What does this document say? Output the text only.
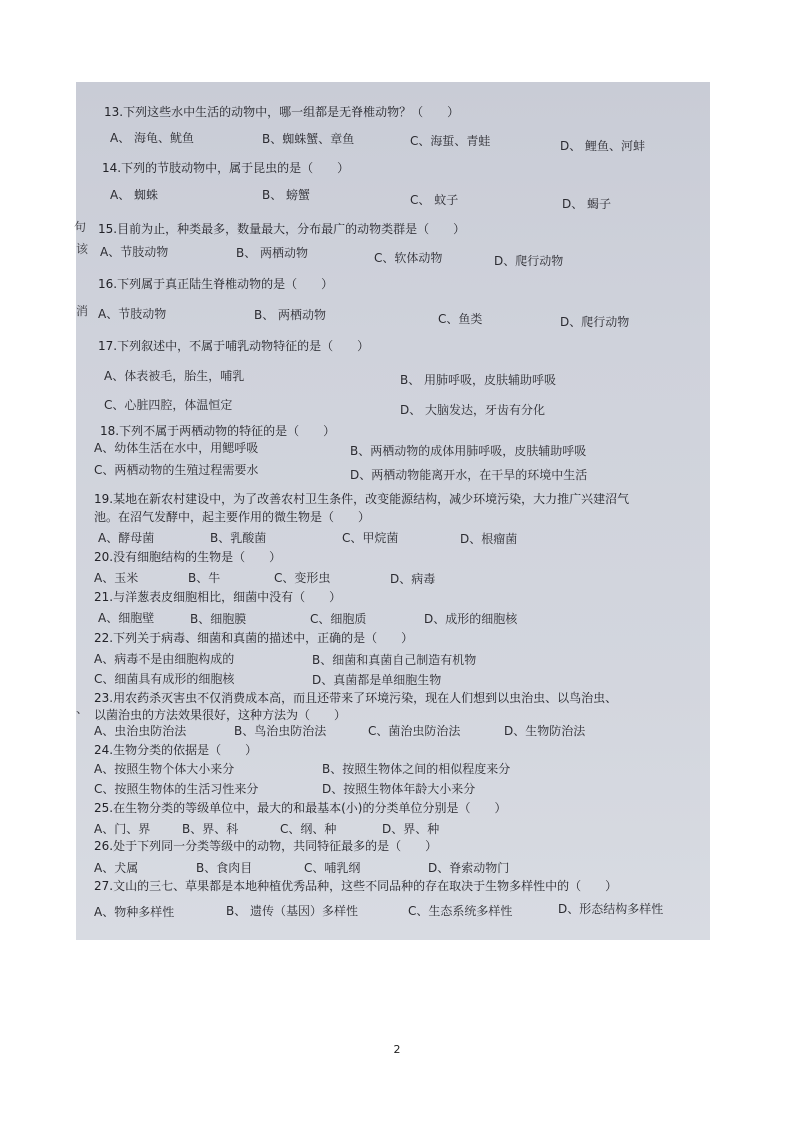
13.下列这些水中生活的动物中，哪一组都是无脊椎动物？（　　）
A、 海龟、鱿鱼	B、蜘蛛蟹、章鱼	C、海蜇、青蛙	D、 鲤鱼、河蚌
14.下列的节肢动物中，属于昆虫的是（　　）
A、 蜘蛛	B、 螃蟹	C、 蚊子	D、 蝎子
15.目前为止，种类最多，数量最大，分布最广的动物类群是（　　）
A、节肢动物	B、 两栖动物	C、软体动物	D、爬行动物
16.下列属于真正陆生脊椎动物的是（　　）
A、节肢动物	B、 两栖动物	C、鱼类	D、爬行动物
17.下列叙述中，不属于哺乳动物特征的是（　　）
A、体表被毛，胎生，哺乳	B、 用肺呼吸，皮肤辅助呼吸
C、心脏四腔，体温恒定	D、 大脑发达，牙齿有分化
18.下列不属于两栖动物的特征的是（　　）
A、幼体生活在水中，用鳃呼吸	B、两栖动物的成体用肺呼吸，皮肤辅助呼吸
C、两栖动物的生殖过程需要水	D、两栖动物能离开水，在干旱的环境中生活
19.某地在新农村建设中，为了改善农村卫生条件，改变能源结构，减少环境污染，大力推广兴建沼气
池。在沼气发酵中，起主要作用的微生物是（　　）
A、酵母菌	B、乳酸菌	C、甲烷菌	D、根瘤菌
20.没有细胞结构的生物是（　　）
A、玉米	B、牛	C、变形虫	D、病毒
21.与洋葱表皮细胞相比，细菌中没有（　　）
A、细胞壁	B、细胞膜	C、细胞质	D、成形的细胞核
22.下列关于病毒、细菌和真菌的描述中，正确的是（　　）
A、病毒不是由细胞构成的	B、细菌和真菌自己制造有机物
C、细菌具有成形的细胞核	D、真菌都是单细胞生物
23.用农药杀灭害虫不仅消费成本高，而且还带来了环境污染，现在人们想到以虫治虫、以鸟治虫、
以菌治虫的方法效果很好，这种方法为（　　）
A、虫治虫防治法	B、鸟治虫防治法	C、菌治虫防治法	D、生物防治法
24.生物分类的依据是（　　）
A、按照生物个体大小来分	B、按照生物体之间的相似程度来分
C、按照生物体的生活习性来分	D、按照生物体年龄大小来分
25.在生物分类的等级单位中，最大的和最基本(小)的分类单位分别是（　　）
A、门、界	B、界、科	C、纲、种	D、界、种
26.处于下列同一分类等级中的动物，共同特征最多的是（　　）
A、犬属	B、食肉目	C、哺乳纲	D、脊索动物门
27.文山的三七、草果都是本地种植优秀品种，这些不同品种的存在取决于生物多样性中的（　　）
A、物种多样性	B、 遗传（基因）多样性	C、生态系统多样性	D、形态结构多样性
句
该
消
、
2
